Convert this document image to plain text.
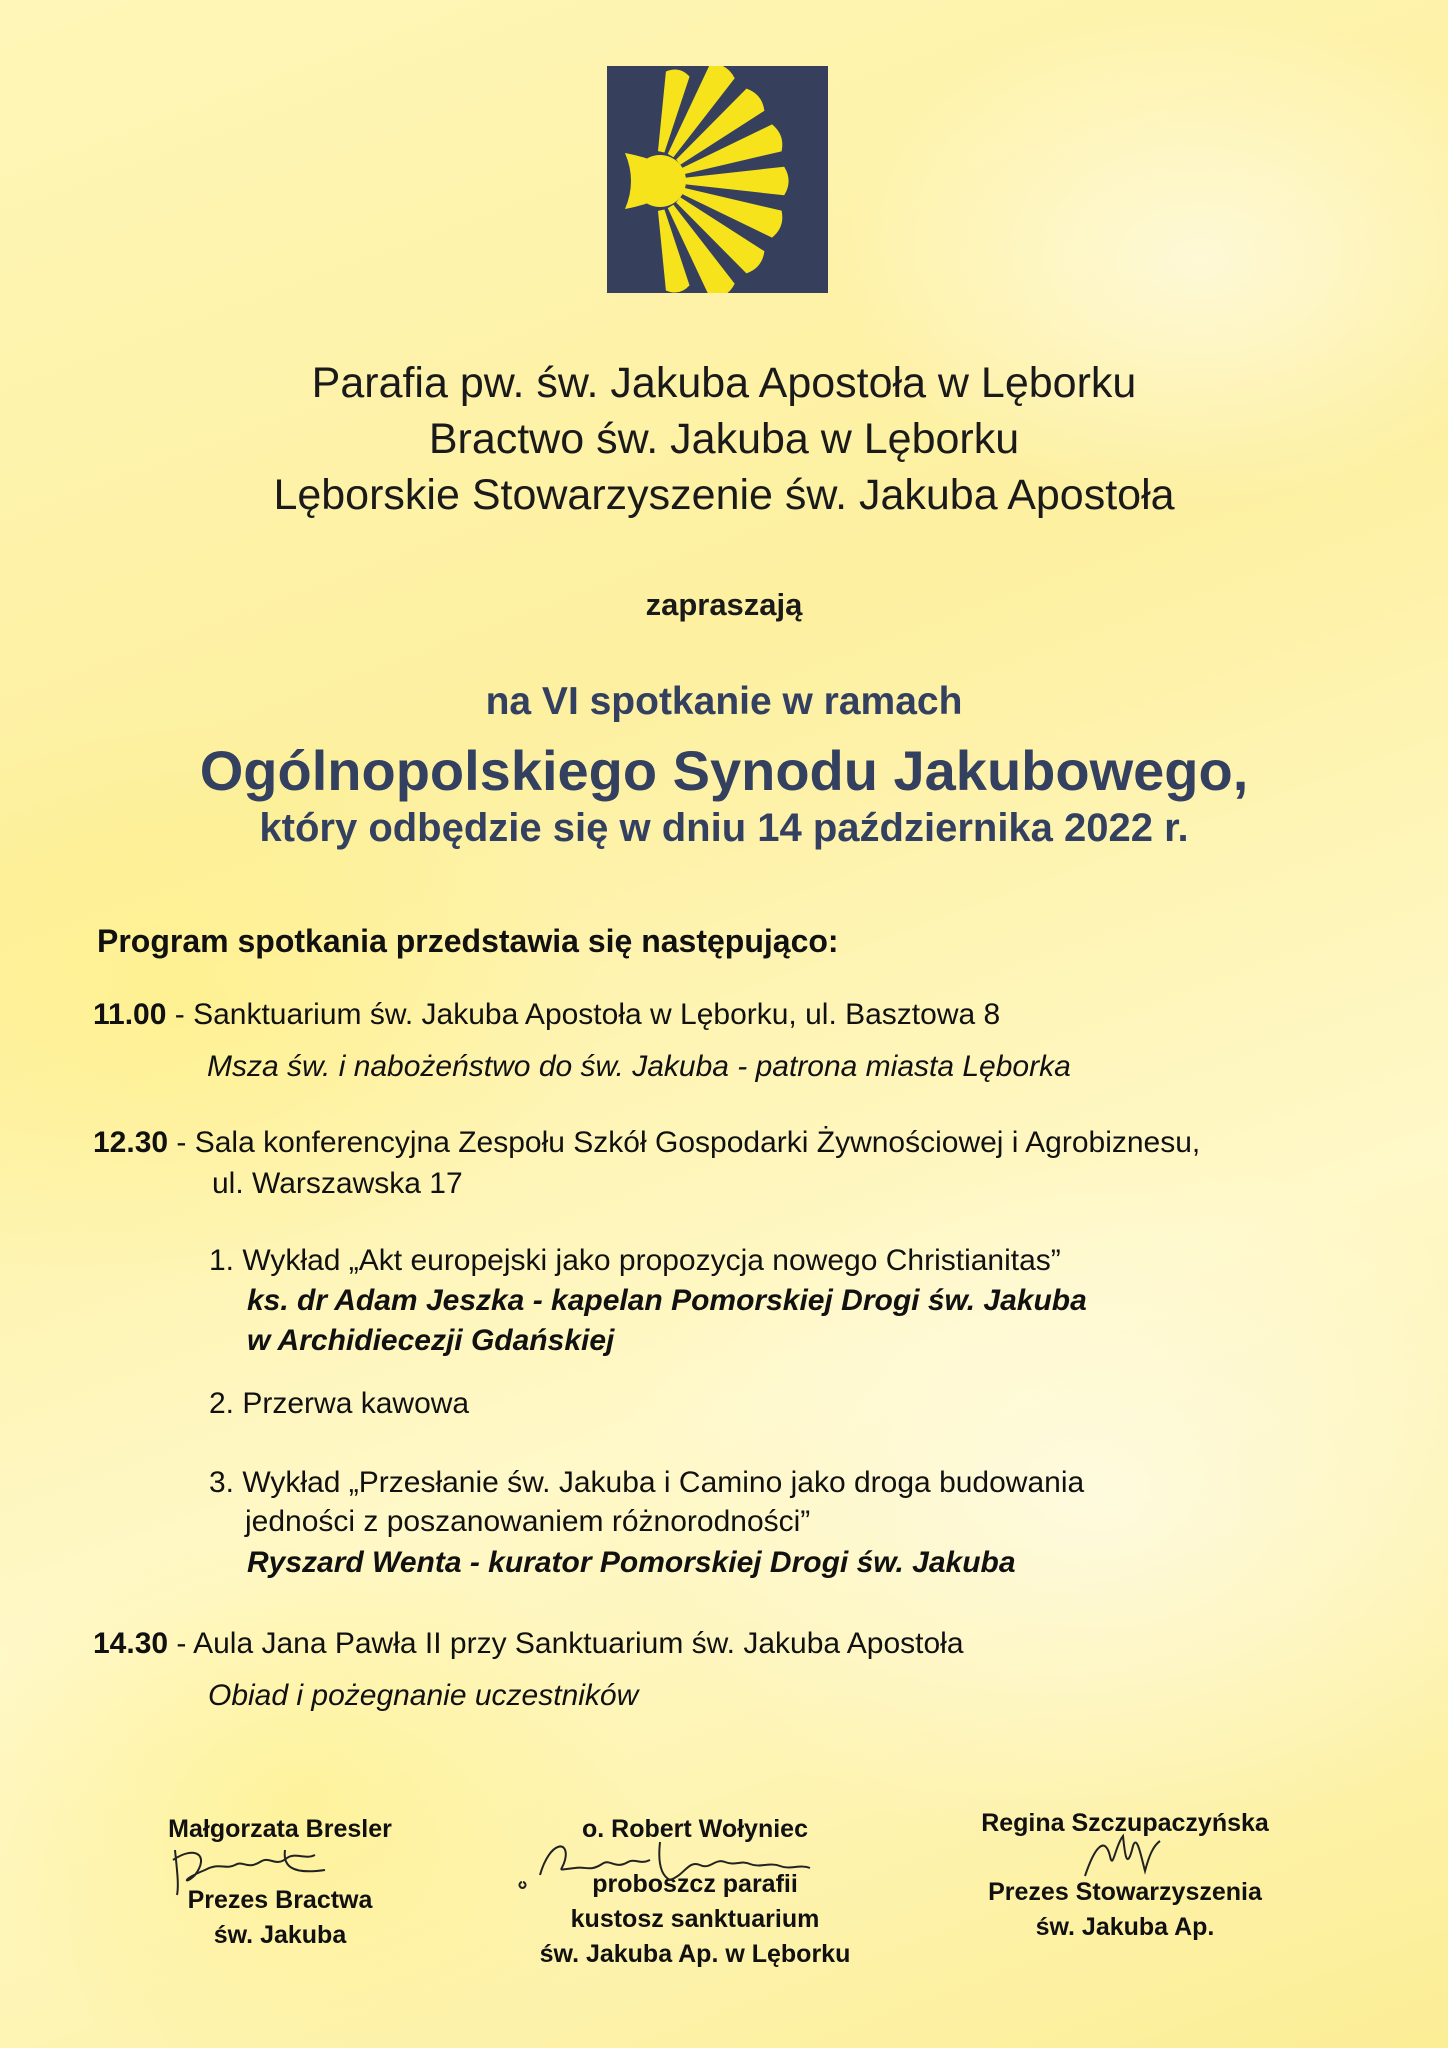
Parafia pw. św. Jakuba Apostoła w Lęborku
Bractwo św. Jakuba w Lęborku
Lęborskie Stowarzyszenie św. Jakuba Apostoła
zapraszają
na VI spotkanie w ramach
Ogólnopolskiego Synodu Jakubowego,
który odbędzie się w dniu 14 października 2022 r.
Program spotkania przedstawia się następująco:
11.00 - Sanktuarium św. Jakuba Apostoła w Lęborku, ul. Basztowa 8
Msza św. i nabożeństwo do św. Jakuba - patrona miasta Lęborka
12.30 - Sala konferencyjna Zespołu Szkół Gospodarki Żywnościowej i Agrobiznesu,
ul. Warszawska 17
1. Wykład „Akt europejski jako propozycja nowego Christianitas”
ks. dr Adam Jeszka - kapelan Pomorskiej Drogi św. Jakuba
w Archidiecezji Gdańskiej
2. Przerwa kawowa
3. Wykład „Przesłanie św. Jakuba i Camino jako droga budowania
jedności z poszanowaniem różnorodności”
Ryszard Wenta - kurator Pomorskiej Drogi św. Jakuba
14.30 - Aula Jana Pawła II przy Sanktuarium św. Jakuba Apostoła
Obiad i pożegnanie uczestników
Małgorzata Bresler
Prezes Bractwa
św. Jakuba
o. Robert Wołyniec
proboszcz parafii
kustosz sanktuarium
św. Jakuba Ap. w Lęborku
Regina Szczupaczyńska
Prezes Stowarzyszenia
św. Jakuba Ap.
